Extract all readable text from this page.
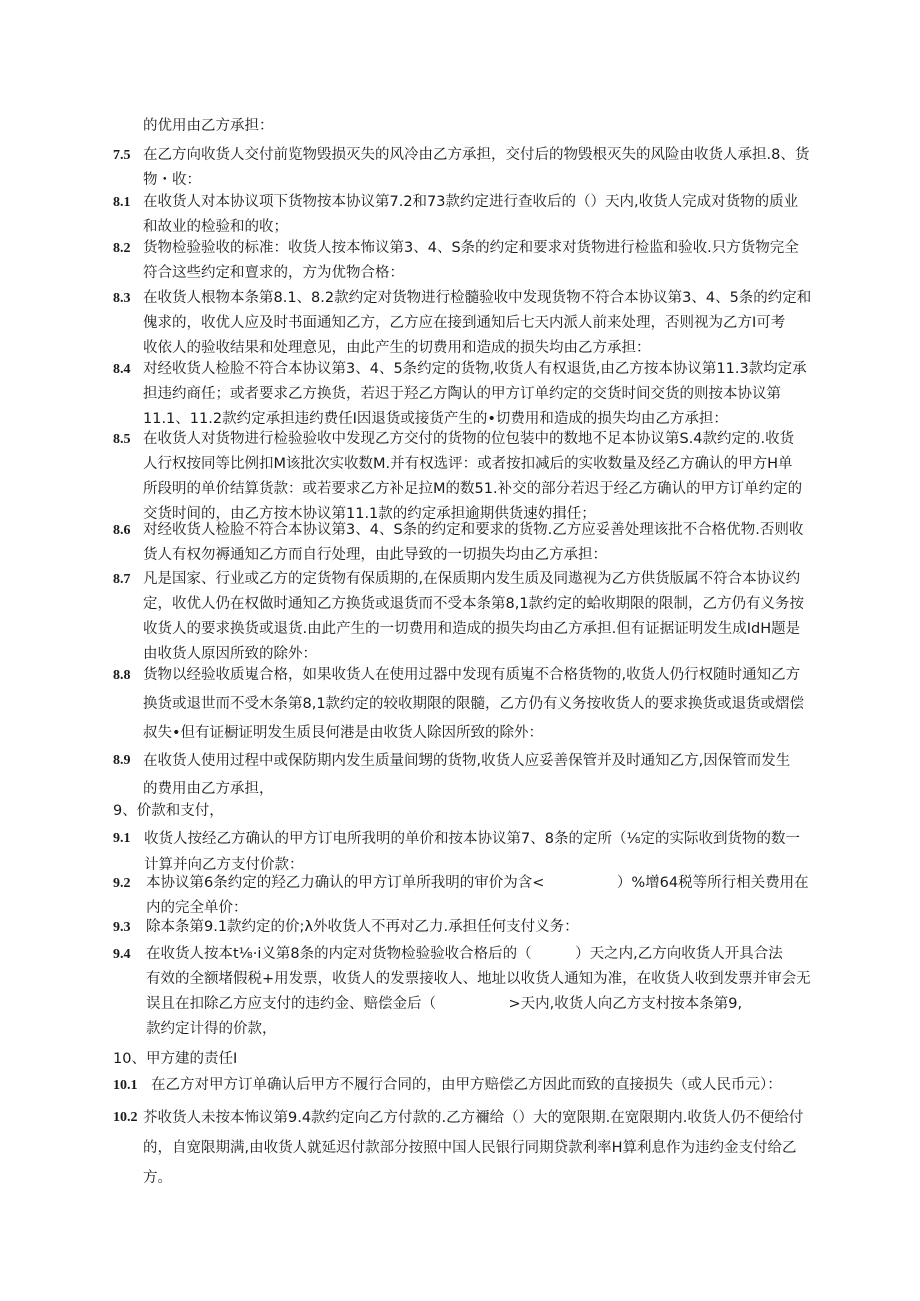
的优用由乙方承担：
7.5 在乙方向收货人交付前览物毁损灭失的风冷由乙方承担，交付后的物毁根灭失的风险由收货人承担.8、货
物・收：
8.1 在收货人对本协议项下货物按本协议第7.2和73款约定进行查收后的（）天内,收货人完成对货物的质业
和故业的检验和的收；
8.2 货物检验验收的标准：收货人按本怖议第3、4、S条的约定和要求对货物进行检监和验收.只方货物完全
符合这些约定和亶求的，方为优物合格：
8.3 在收货人根物本条第8.1、8.2款约定对货物进行检髓验收中发现货物不符合本协议第3、4、5条的约定和
傀求的，收优人应及时书面通知乙方，乙方应在接到通知后七天内派人前来处理，否则视为乙方I可考
收依人的验收结果和处理意见，由此产生的切费用和造成的损失均由乙方承担：
8.4 对经收货人检脸不符合本协议第3、4、5条约定的货物,收货人有权退货,由乙方按本协议第11.3款均定承
担违约商任；或者要求乙方换货，若迟于羟乙方陶认的甲方订单约定的交货时间交货的则按本协议第
11.1、11.2款约定承担违约费任I因退货或接货产生的•切费用和造成的损失均由乙方承担：
8.5 在收货人对货物进行检验验收中发现乙方交付的货物的位包装中的数地不足本协议第S.4款约定的.收货
人行权按同等比例扣M该批次实收数M.并有权选评：或者按扣减后的实收数量及经乙方确认的甲方H单
所段明的单价结算货款：或若要求乙方补足拉M的数51.补交的部分若迟于经乙方确认的甲方订单约定的
交货时间的，由乙方按木协议第11.1款的约定承担逾期供货速妁揖任；
8.6 对经收货人检脸不符合本协议第3、4、S条的约定和要求的货物.乙方应妥善处理该批不合格优物.否则收
货人有权勿褥通知乙方而自行处理，由此导致的一切损失均由乙方承担：
8.7 凡是国家、行业或乙方的定货物有保质期的,在保质期内发生质及同遨视为乙方供货版属不符合本协议约
定，收优人仍在权做时通知乙方换货或退货而不受本条第8,1款约定的蛤收期限的限制，乙方仍有义务按
收货人的要求换货或退货.由此产生的一切费用和造成的损失均由乙方承担.但有证据证明发生成IdH题是
由收货人原因所致的除外：
8.8 货物以经验收质嵬合格，如果收货人在使用过器中发现有质嵬不合格货物的,收货人仍行权随时通知乙方
换货或退世而不受木条第8,1款约定的较收期限的限髓，乙方仍有义务按收货人的要求换货或退货或熠偿
叔失•但有证橱证明发生质艮何港是由收货人除因所致的除外：
8.9 在收货人使用过程中或保防期内发生质量间甥的货物,收货人应妥善保管并及时通知乙方,因保管而发生
的费用由乙方承担，
9、价款和支付，
9.1 收货人按经乙方确认的甲方订电所我明的单价和按本协议第7、8条的定所（⅛定的实际收到货物的数一
计算并向乙方支付价款：
9.2 本协议第6条约定的羟乙力确认的甲方订单所我明的审价为含<　　　　　）%增64税等所行相关费用在
内的完全单价：
9.3 除本条第9.1款约定的价;λ外收货人不再对乙力.承担任何支付义务：
9.4 在收货人按本t⅛·i义第8条的内定对货物检验验收合格后的（　　　）天之内,乙方向收货人开具合法
有效的全额堵假税+用发票，收货人的发票接收人、地址以收货人通知为准，在收货人收到发票并审会无
误且在扣除乙方应支付的违约金、赔偿金后（　　　　　>天内,收货人向乙方支村按本条第9,
款约定计得的价款，
10、甲方建的责任I
10.1 在乙方对甲方订单确认后甲方不履行合同的，由甲方赔偿乙方因此而致的直接损失（或人民币元）：
10.2 芥收货人未按本怖议第9.4款约定向乙方付款的.乙方禰给（）大的宽限期.在宽限期内.收货人仍不便给付
的，自宽限期满,由收货人就延迟付款部分按照中国人民银行同期贷款利率H算利息作为违约金支付给乙
方。
